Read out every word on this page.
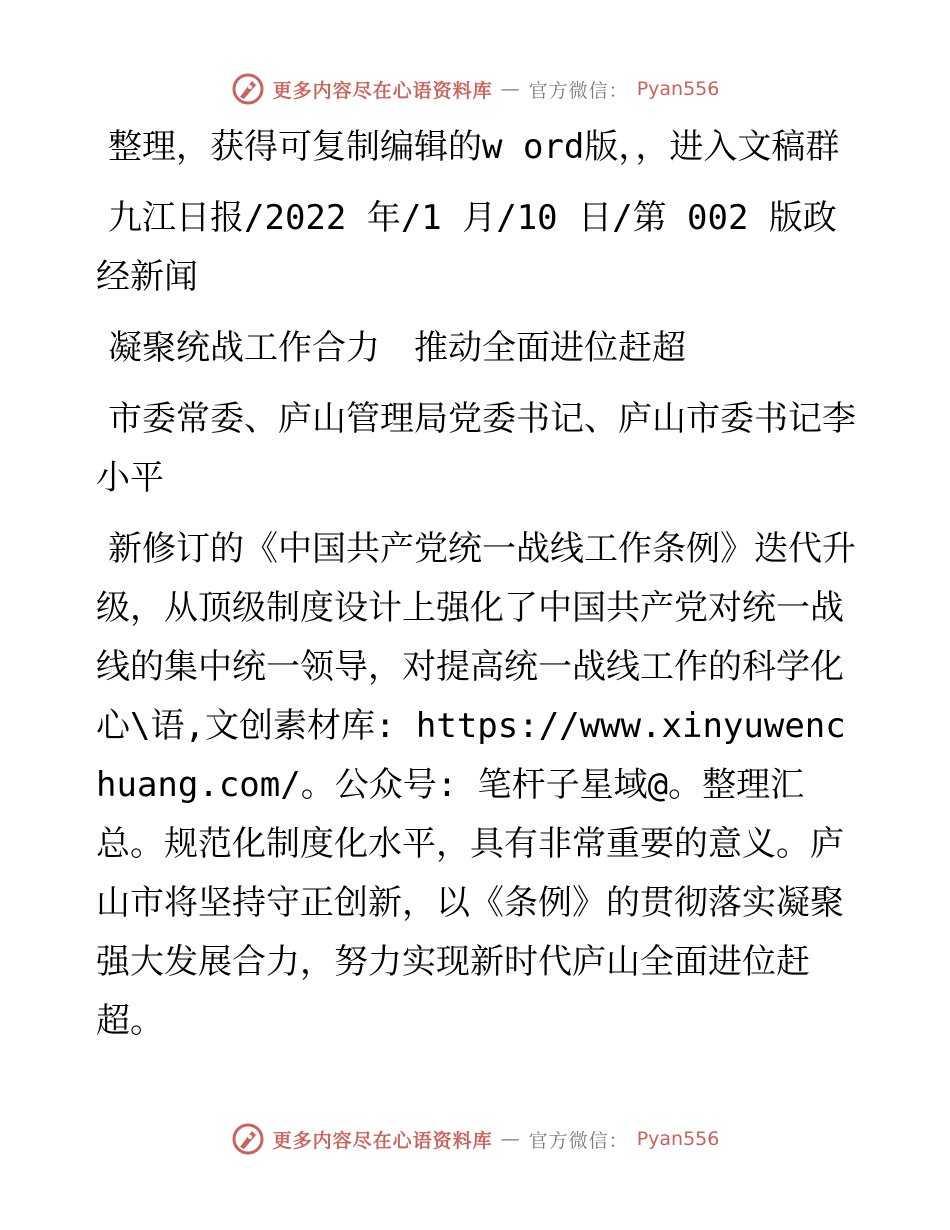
更多内容尽在心语资料库 — 官方微信： Pyan556

整理，获得可复制编辑的w ord版，，进入文稿群

九江日报/2022 年/1 月/10 日/第 002 版政经新闻

凝聚统战工作合力　推动全面进位赶超

市委常委、庐山管理局党委书记、庐山市委书记李小平

新修订的《中国共产党统一战线工作条例》迭代升级，从顶级制度设计上强化了中国共产党对统一战线的集中统一领导，对提高统一战线工作的科学化心\语,文创素材库: https://www.xinyuwenchuang.com/。公众号: 笔杆子星域@。整理汇总。规范化制度化水平，具有非常重要的意义。庐山市将坚持守正创新，以《条例》的贯彻落实凝聚强大发展合力，努力实现新时代庐山全面进位赶超。

更多内容尽在心语资料库 — 官方微信： Pyan556
